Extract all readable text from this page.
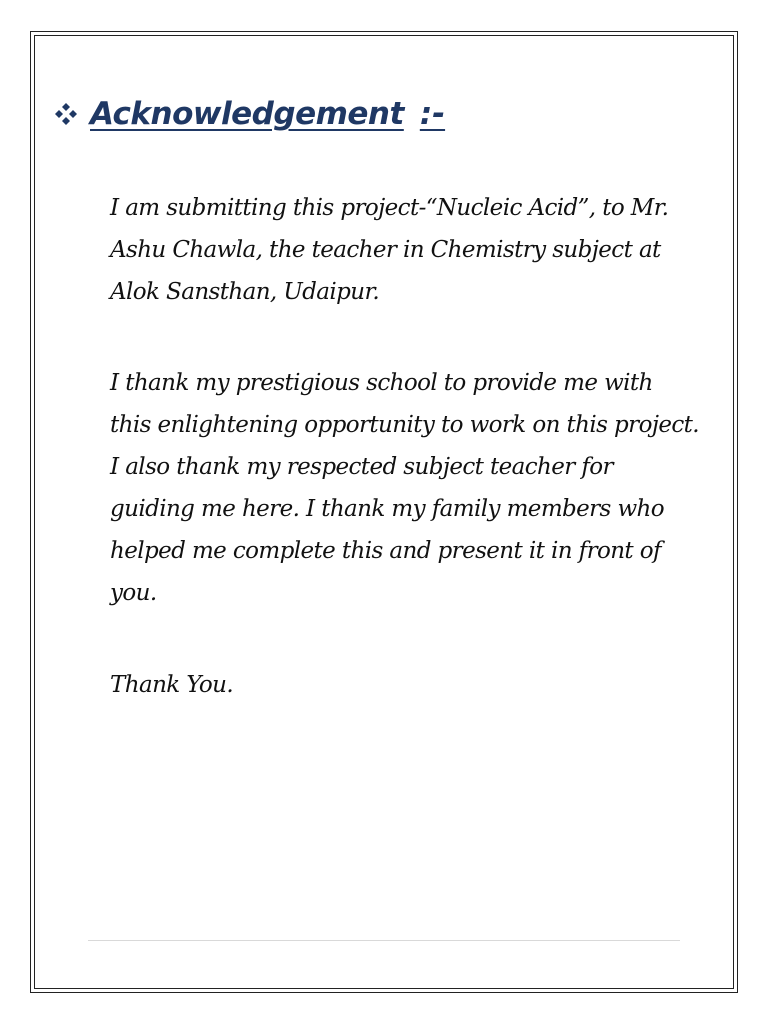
Acknowledgement :-

I am submitting this project-“Nucleic Acid”, to Mr. Ashu Chawla, the teacher in Chemistry subject at Alok Sansthan, Udaipur.

I thank my prestigious school to provide me with this enlightening opportunity to work on this project. I also thank my respected subject teacher for guiding me here. I thank my family members who helped me complete this and present it in front of you.

Thank You.
